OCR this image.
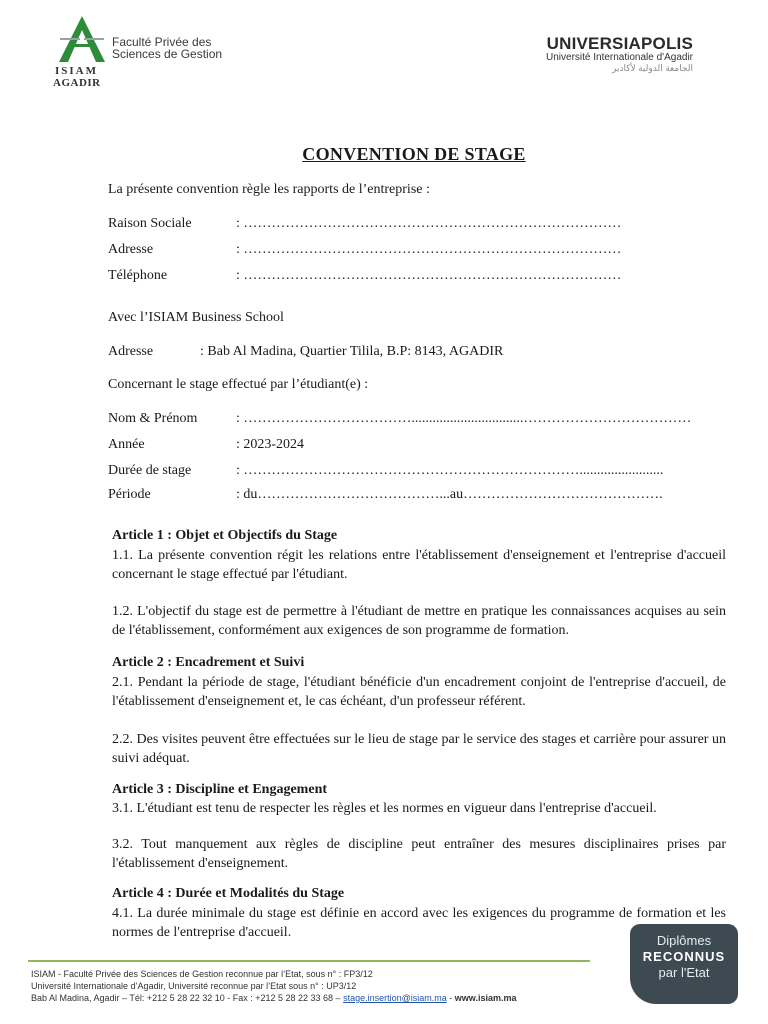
Faculté Privée des
Sciences de Gestion
ISIAM
AGADIR
UNIVERSIAPOLIS
Université Internationale d'Agadir
الجامعة الدولية لأكادير
CONVENTION DE STAGE
La présente convention règle les rapports de l’entreprise :
Raison Sociale	: ………………………………………………………………………
Adresse	: ………………………………………………………………………
Téléphone	: ………………………………………………………………………
Avec l’ISIAM Business School
Adresse	: Bab Al Madina, Quartier Tilila, B.P: 8143, AGADIR
Concernant le stage effectué par l’étudiant(e) :
Nom & Prénom	: ………………………………................................………………………………
Année	: 2023-2024
Durée de stage	: ………………………………………………………………........................
Période	: du…………………………………...au…………………………………….
Article 1 : Objet et Objectifs du Stage
1.1. La présente convention régit les relations entre l'établissement d'enseignement et l'entreprise d'accueil concernant le stage effectué par l'étudiant.
1.2. L'objectif du stage est de permettre à l'étudiant de mettre en pratique les connaissances acquises au sein de l'établissement, conformément aux exigences de son programme de formation.
Article 2 : Encadrement et Suivi
2.1. Pendant la période de stage, l'étudiant bénéficie d'un encadrement conjoint de l'entreprise d'accueil, de l'établissement d'enseignement et, le cas échéant, d'un professeur référent.
2.2. Des visites peuvent être effectuées sur le lieu de stage par le service des stages et carrière pour assurer un suivi adéquat.
Article 3 : Discipline et Engagement
3.1. L'étudiant est tenu de respecter les règles et les normes en vigueur dans l'entreprise d'accueil.
3.2. Tout manquement aux règles de discipline peut entraîner des mesures disciplinaires prises par l'établissement d'enseignement.
Article 4 : Durée et Modalités du Stage
4.1. La durée minimale du stage est définie en accord avec les exigences du programme de formation et les normes de l'entreprise d'accueil.
ISIAM - Faculté Privée des Sciences de Gestion reconnue par l’Etat, sous n° : FP3/12
Université Internationale d’Agadir, Université reconnue par l’Etat sous n° : UP3/12
Bab Al Madina, Agadir – Tél: +212 5 28 22 32 10 - Fax : +212 5 28 22 33 68 – stage.insertion@isiam.ma - www.isiam.ma
Diplômes
RECONNUS
par l'Etat
